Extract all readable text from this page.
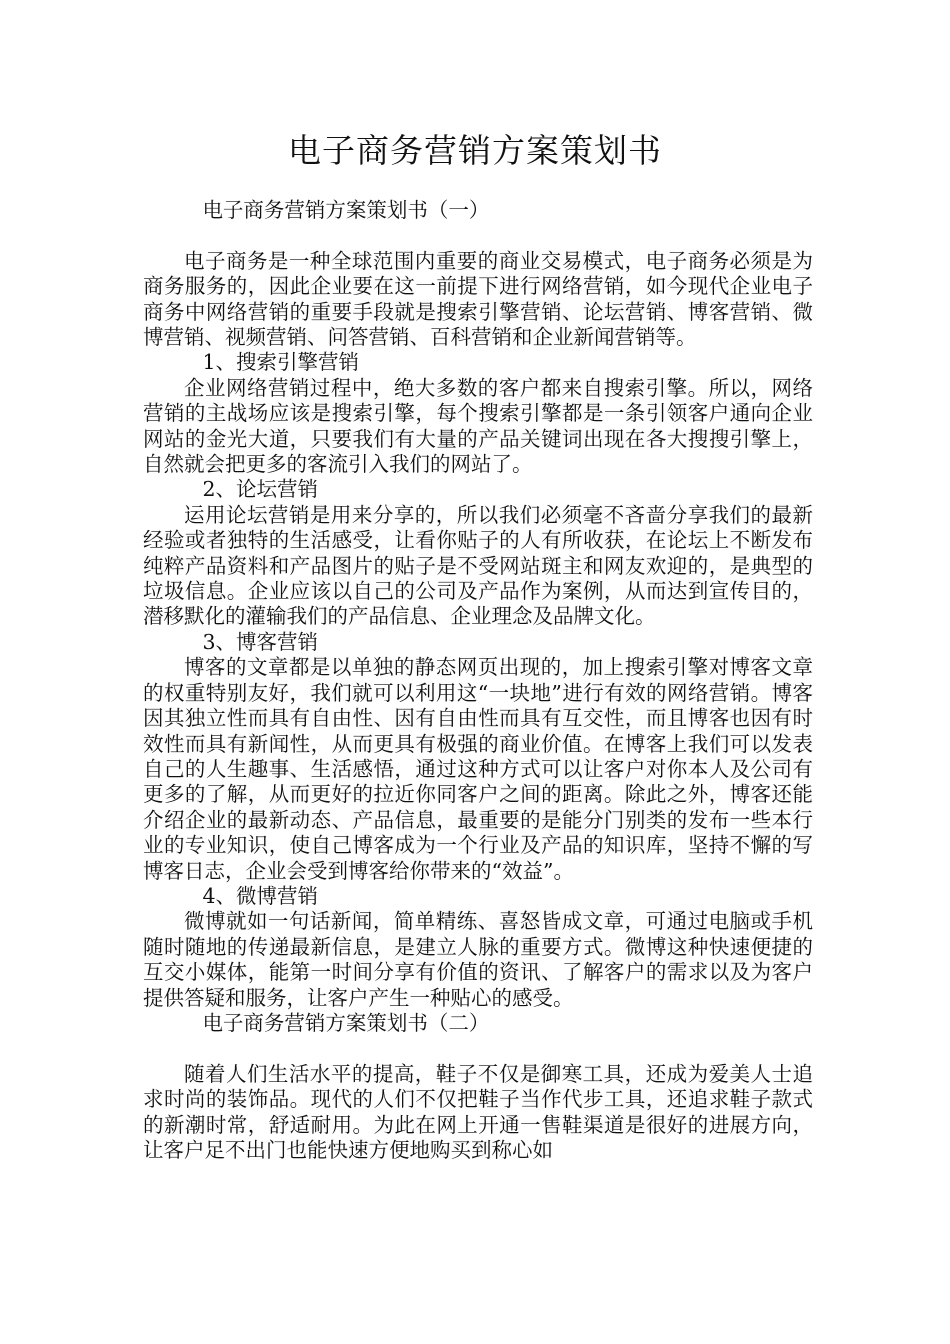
电子商务营销方案策划书

电子商务营销方案策划书（一）

电子商务是一种全球范围内重要的商业交易模式，电子商务必须是为商务服务的，因此企业要在这一前提下进行网络营销，如今现代企业电子商务中网络营销的重要手段就是搜索引擎营销、论坛营销、博客营销、微博营销、视频营销、问答营销、百科营销和企业新闻营销等。

1、搜索引擎营销

企业网络营销过程中，绝大多数的客户都来自搜索引擎。所以，网络营销的主战场应该是搜索引擎，每个搜索引擎都是一条引领客户通向企业网站的金光大道，只要我们有大量的产品关键词出现在各大搜搜引擎上，自然就会把更多的客流引入我们的网站了。

2、论坛营销

运用论坛营销是用来分享的，所以我们必须毫不吝啬分享我们的最新经验或者独特的生活感受，让看你贴子的人有所收获，在论坛上不断发布纯粹产品资料和产品图片的贴子是不受网站斑主和网友欢迎的，是典型的垃圾信息。企业应该以自己的公司及产品作为案例，从而达到宣传目的，潜移默化的灌输我们的产品信息、企业理念及品牌文化。

3、博客营销

博客的文章都是以单独的静态网页出现的，加上搜索引擎对博客文章的权重特别友好，我们就可以利用这“一块地”进行有效的网络营销。博客因其独立性而具有自由性、因有自由性而具有互交性，而且博客也因有时效性而具有新闻性，从而更具有极强的商业价值。在博客上我们可以发表自己的人生趣事、生活感悟，通过这种方式可以让客户对你本人及公司有更多的了解，从而更好的拉近你同客户之间的距离。除此之外，博客还能介绍企业的最新动态、产品信息，最重要的是能分门别类的发布一些本行业的专业知识，使自己博客成为一个行业及产品的知识库，坚持不懈的写博客日志，企业会受到博客给你带来的“效益”。

4、微博营销

微博就如一句话新闻，简单精练、喜怒皆成文章，可通过电脑或手机随时随地的传递最新信息，是建立人脉的重要方式。微博这种快速便捷的互交小媒体，能第一时间分享有价值的资讯、了解客户的需求以及为客户提供答疑和服务，让客户产生一种贴心的感受。

电子商务营销方案策划书（二）

随着人们生活水平的提高，鞋子不仅是御寒工具，还成为爱美人士追求时尚的装饰品。现代的人们不仅把鞋子当作代步工具，还追求鞋子款式的新潮时常，舒适耐用。为此在网上开通一售鞋渠道是很好的进展方向，让客户足不出门也能快速方便地购买到称心如
